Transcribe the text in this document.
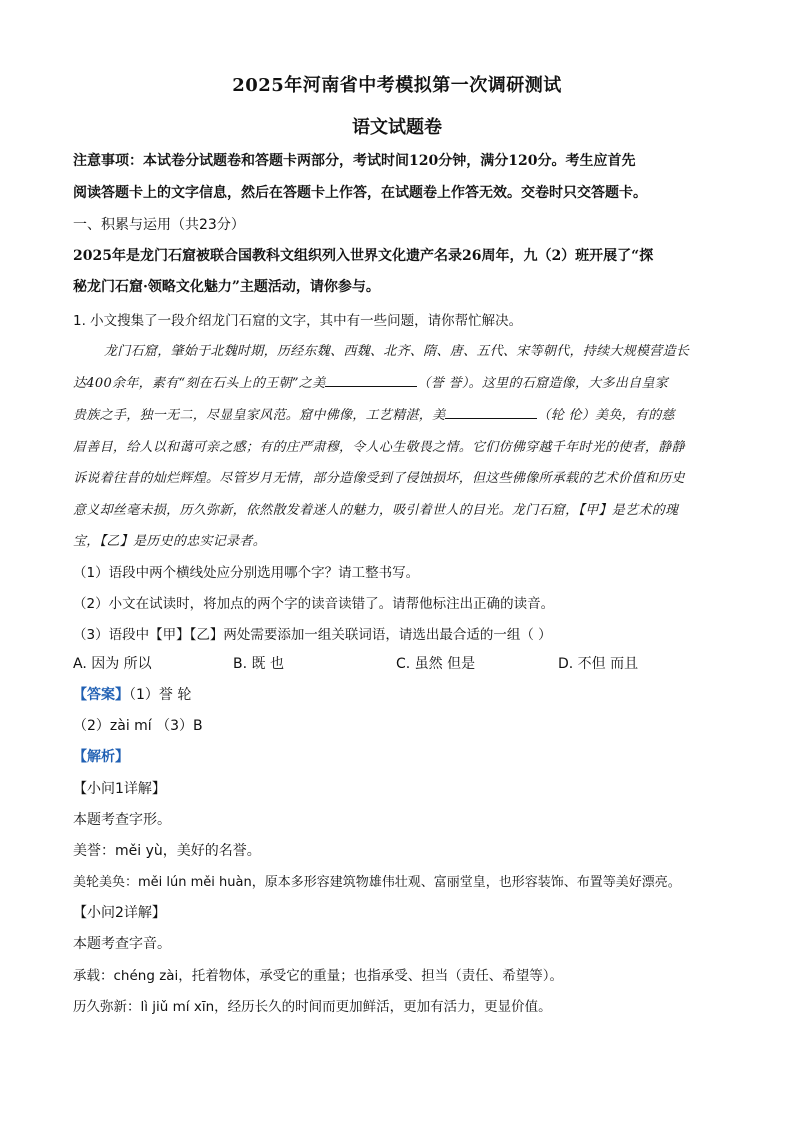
2025年河南省中考模拟第一次调研测试
语文试题卷
注意事项：本试卷分试题卷和答题卡两部分，考试时间120分钟，满分120分。考生应首先
阅读答题卡上的文字信息，然后在答题卡上作答，在试题卷上作答无效。交卷时只交答题卡。
一、积累与运用（共23分）
2025年是龙门石窟被联合国教科文组织列入世界文化遗产名录26周年，九（2）班开展了“探
秘龙门石窟·领略文化魅力”主题活动，请你参与。
1. 小文搜集了一段介绍龙门石窟的文字，其中有一些问题，请你帮忙解决。
龙门石窟，肇始于北魏时期，历经东魏、西魏、北齐、隋、唐、五代、宋等朝代，持续大规模营造长
达400余年，素有“刻在石头上的王朝”之美	（誉 誉）。这里的石窟造像，大多出自皇家
贵族之手，独一无二，尽显皇家风范。窟中佛像，工艺精湛，美	（轮 伦）美奂，有的慈
眉善目，给人以和蔼可亲之感；有的庄严肃穆，令人心生敬畏之情。它们仿佛穿越千年时光的使者，静静
诉说着往昔的灿烂辉煌。尽管岁月无情，部分造像受到了侵蚀损坏，但这些佛像所承载的艺术价值和历史
意义却丝毫未损，历久弥新，依然散发着迷人的魅力，吸引着世人的目光。龙门石窟，【甲】是艺术的瑰
宝，【乙】是历史的忠实记录者。
（1）语段中两个横线处应分别选用哪个字？请工整书写。
（2）小文在试读时，将加点的两个字的读音读错了。请帮他标注出正确的读音。
（3）语段中【甲】【乙】两处需要添加一组关联词语，请选出最合适的一组（ ）
A. 因为 所以	B. 既 也	C. 虽然 但是	D. 不但 而且
【答案】（1）誉 轮
（2）zài mí （3）B
【解析】
【小问1详解】
本题考查字形。
美誉：měi yù，美好的名誉。
美轮美奂：měi lún měi huàn，原本多形容建筑物雄伟壮观、富丽堂皇，也形容装饰、布置等美好漂亮。
【小问2详解】
本题考查字音。
承载：chéng zài，托着物体，承受它的重量；也指承受、担当（责任、希望等）。
历久弥新：lì jiǔ mí xīn，经历长久的时间而更加鲜活，更加有活力，更显价值。
